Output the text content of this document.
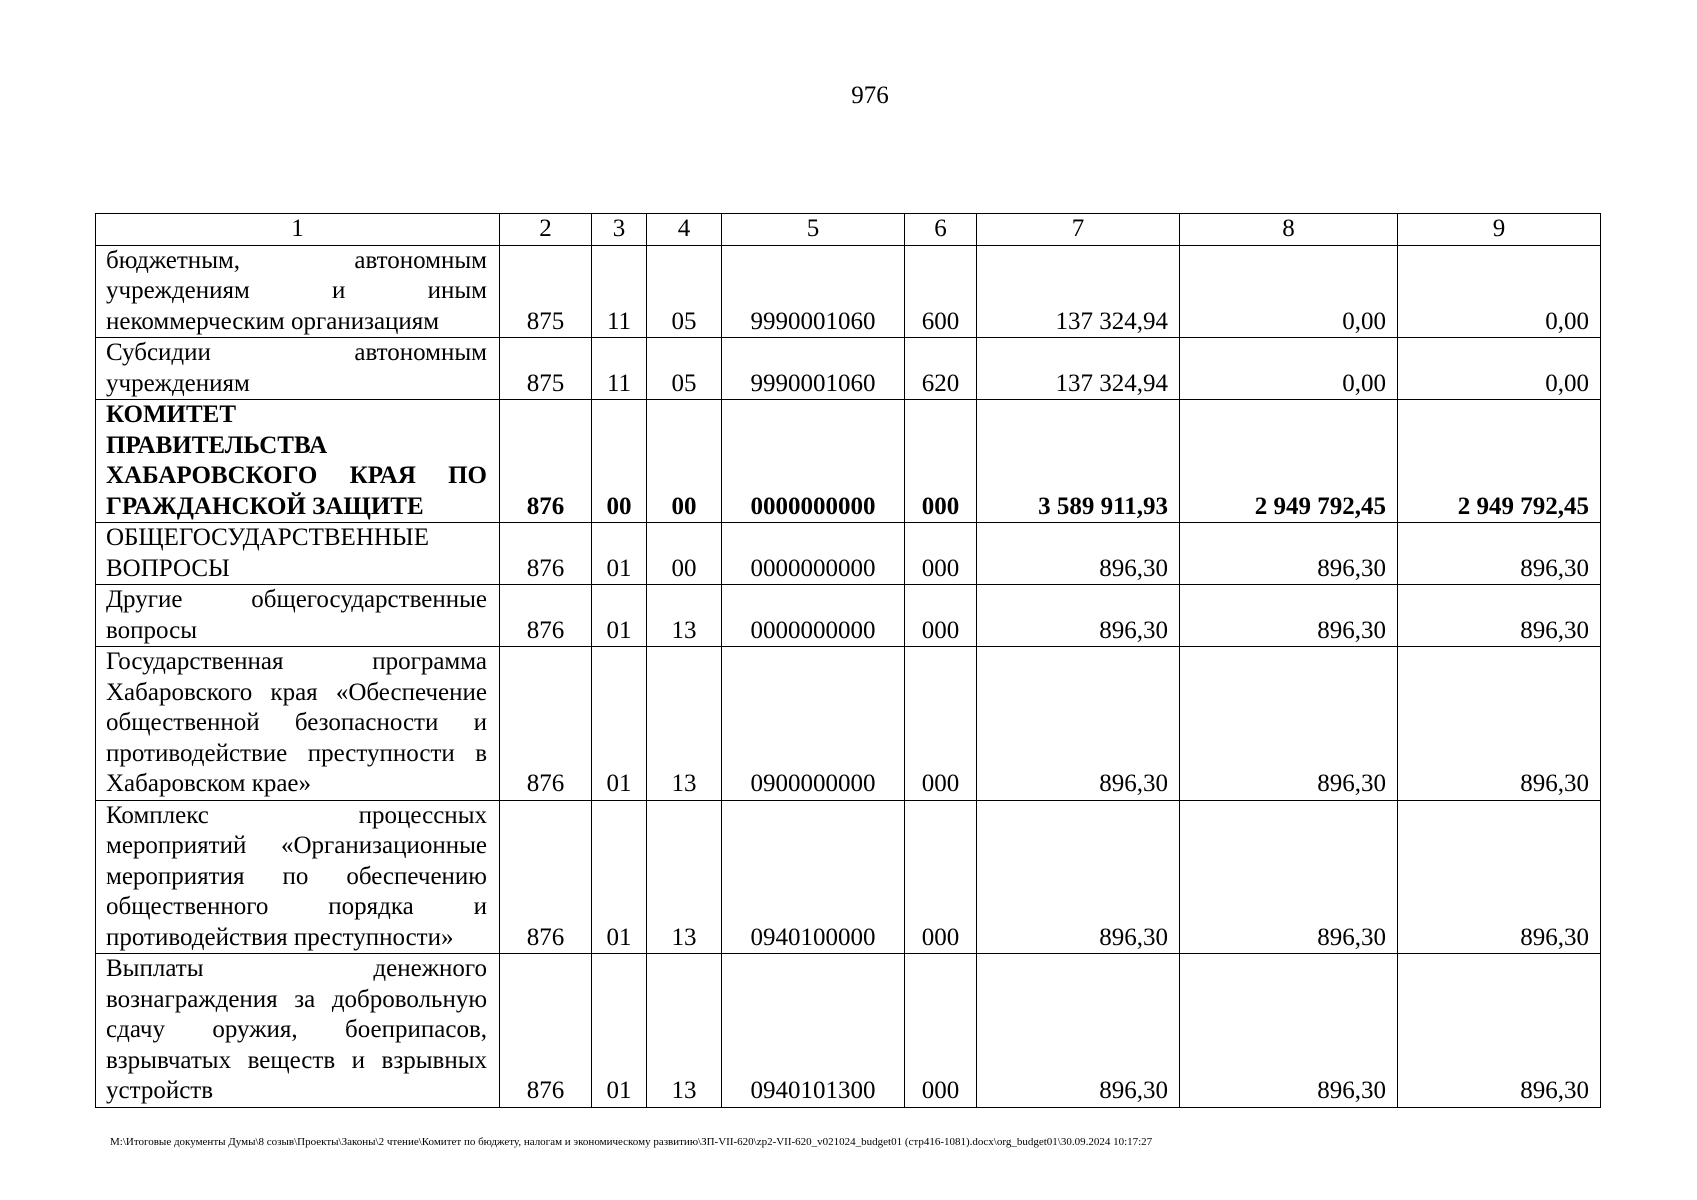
976
1	2	3	4	5	6	7	8	9

бюджетным, автономным
учреждениям и иным
некоммерческим организациям	875	11	05	9990001060	600	137 324,94	0,00	0,00

Субсидии автономным
учреждениям	875	11	05	9990001060	620	137 324,94	0,00	0,00

КОМИТЕТ
ПРАВИТЕЛЬСТВА
ХАБАРОВСКОГО КРАЯ ПО
ГРАЖДАНСКОЙ ЗАЩИТЕ	876	00	00	0000000000	000	3 589 911,93	2 949 792,45	2 949 792,45

ОБЩЕГОСУДАРСТВЕННЫЕ
ВОПРОСЫ	876	01	00	0000000000	000	896,30	896,30	896,30

Другие общегосударственные
вопросы	876	01	13	0000000000	000	896,30	896,30	896,30

Государственная программа
Хабаровского края «Обеспечение
общественной безопасности и
противодействие преступности в
Хабаровском крае»	876	01	13	0900000000	000	896,30	896,30	896,30

Комплекс процессных
мероприятий «Организационные
мероприятия по обеспечению
общественного порядка и
противодействия преступности»	876	01	13	0940100000	000	896,30	896,30	896,30

Выплаты денежного
вознаграждения за добровольную
сдачу оружия, боеприпасов,
взрывчатых веществ и взрывных
устройств	876	01	13	0940101300	000	896,30	896,30	896,30
М:\Итоговые документы Думы\8 созыв\Проекты\Законы\2 чтение\Комитет по бюджету, налогам и экономическому развитию\ЗП-VII-620\zp2-VII-620_v021024_budget01 (стр416-1081).docx\org_budget01\30.09.2024 10:17:27
